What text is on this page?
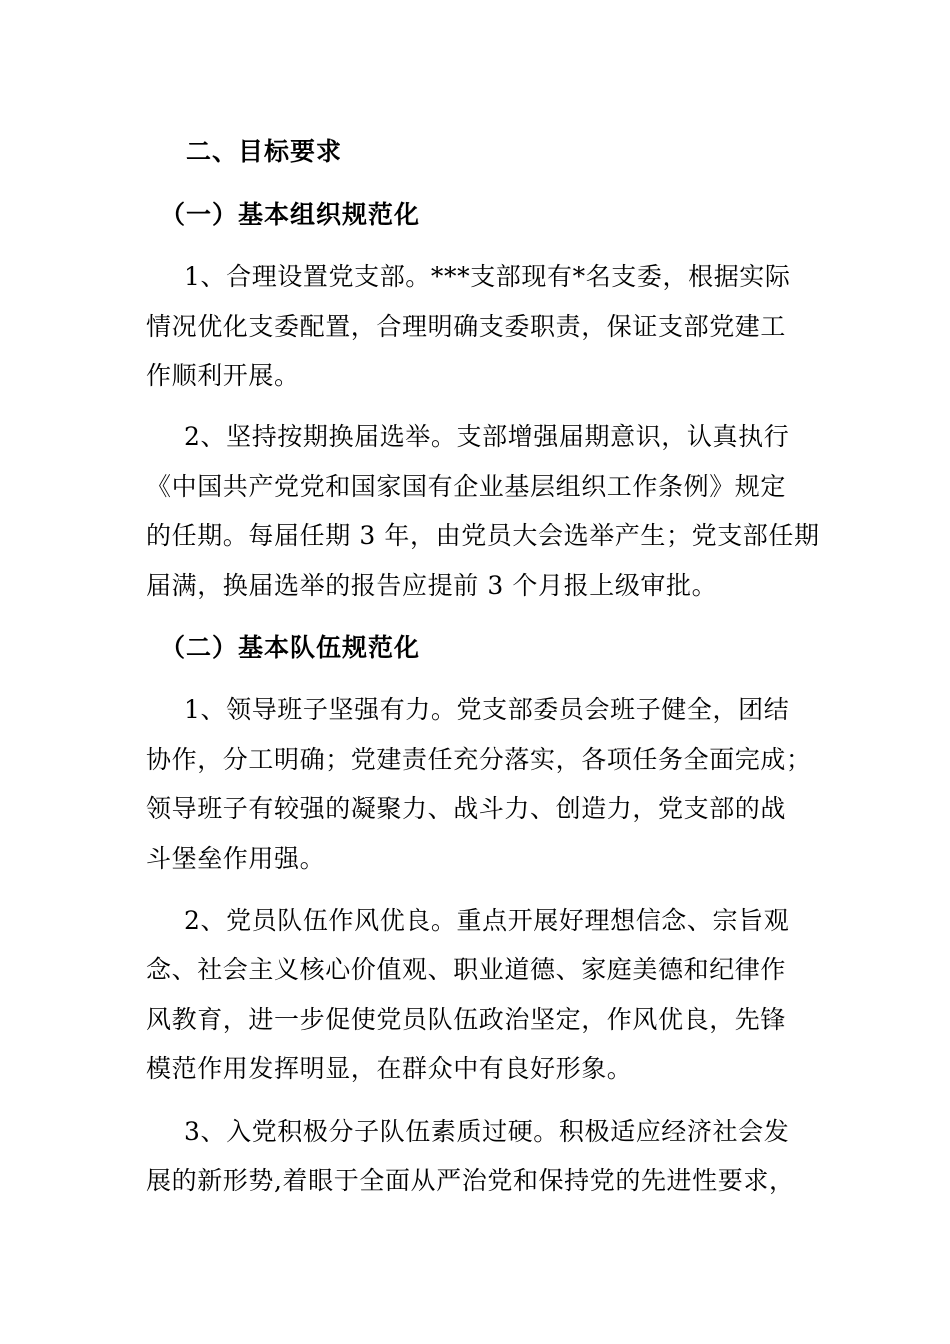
二、目标要求
（一）基本组织规范化
1、合理设置党支部。***支部现有*名支委，根据实际
情况优化支委配置，合理明确支委职责，保证支部党建工
作顺利开展。
2、坚持按期换届选举。支部增强届期意识，认真执行
《中国共产党党和国家国有企业基层组织工作条例》规定
的任期。每届任期 3 年，由党员大会选举产生；党支部任期
届满，换届选举的报告应提前 3 个月报上级审批。
（二）基本队伍规范化
1、领导班子坚强有力。党支部委员会班子健全，团结
协作，分工明确；党建责任充分落实，各项任务全面完成；
领导班子有较强的凝聚力、战斗力、创造力，党支部的战
斗堡垒作用强。
2、党员队伍作风优良。重点开展好理想信念、宗旨观
念、社会主义核心价值观、职业道德、家庭美德和纪律作
风教育，进一步促使党员队伍政治坚定，作风优良，先锋
模范作用发挥明显，在群众中有良好形象。
3、入党积极分子队伍素质过硬。积极适应经济社会发
展的新形势,着眼于全面从严治党和保持党的先进性要求，
